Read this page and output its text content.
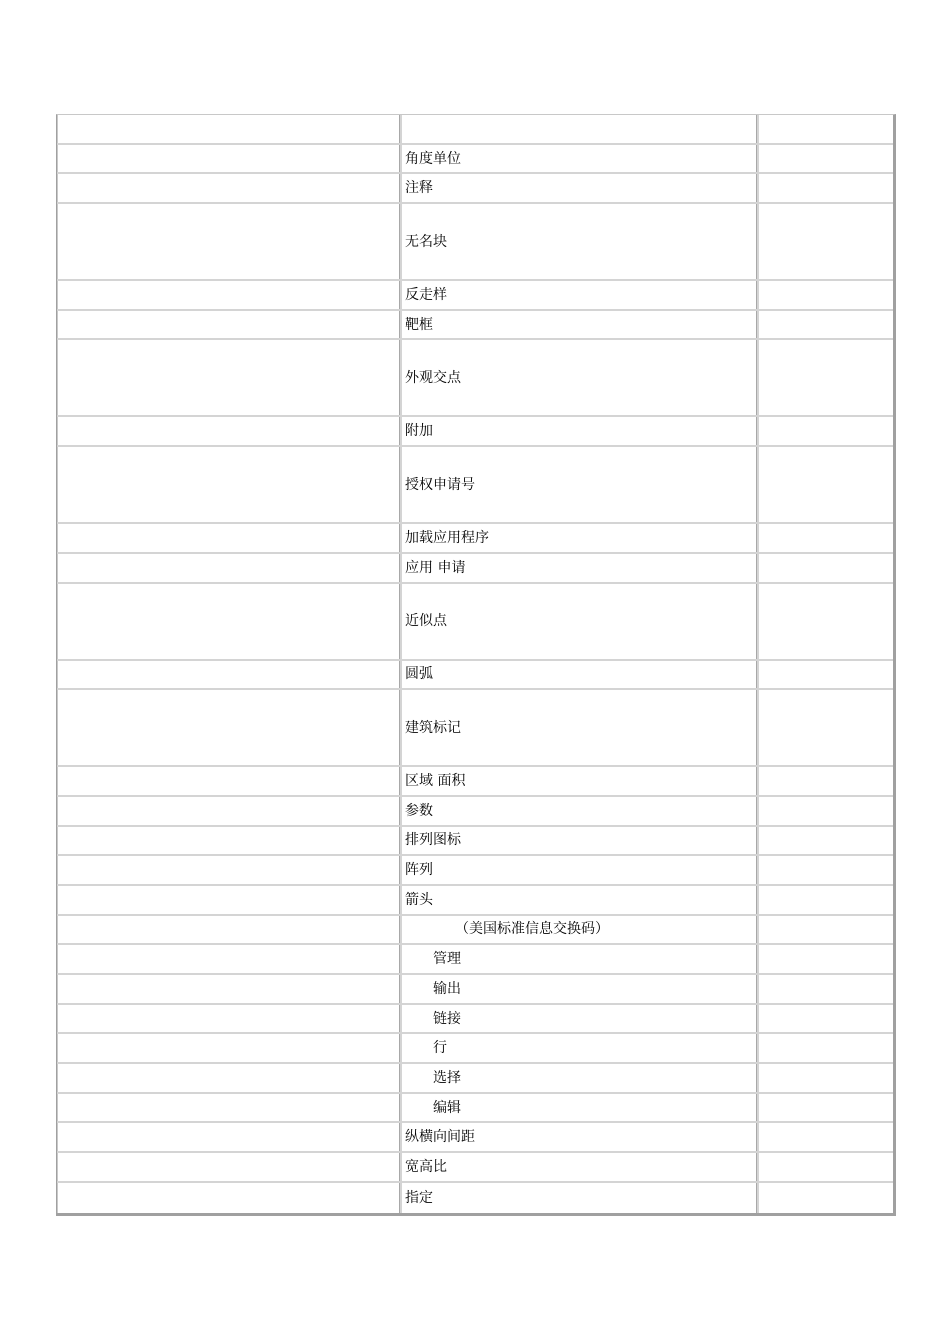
角度单位
注释
无名块
反走样
靶框
外观交点
附加
授权申请号
加载应用程序
应用 申请
近似点
圆弧
建筑标记
区域 面积
参数
排列图标
阵列
箭头
（美国标准信息交换码）
管理
输出
链接
行
选择
编辑
纵横向间距
宽高比
指定
